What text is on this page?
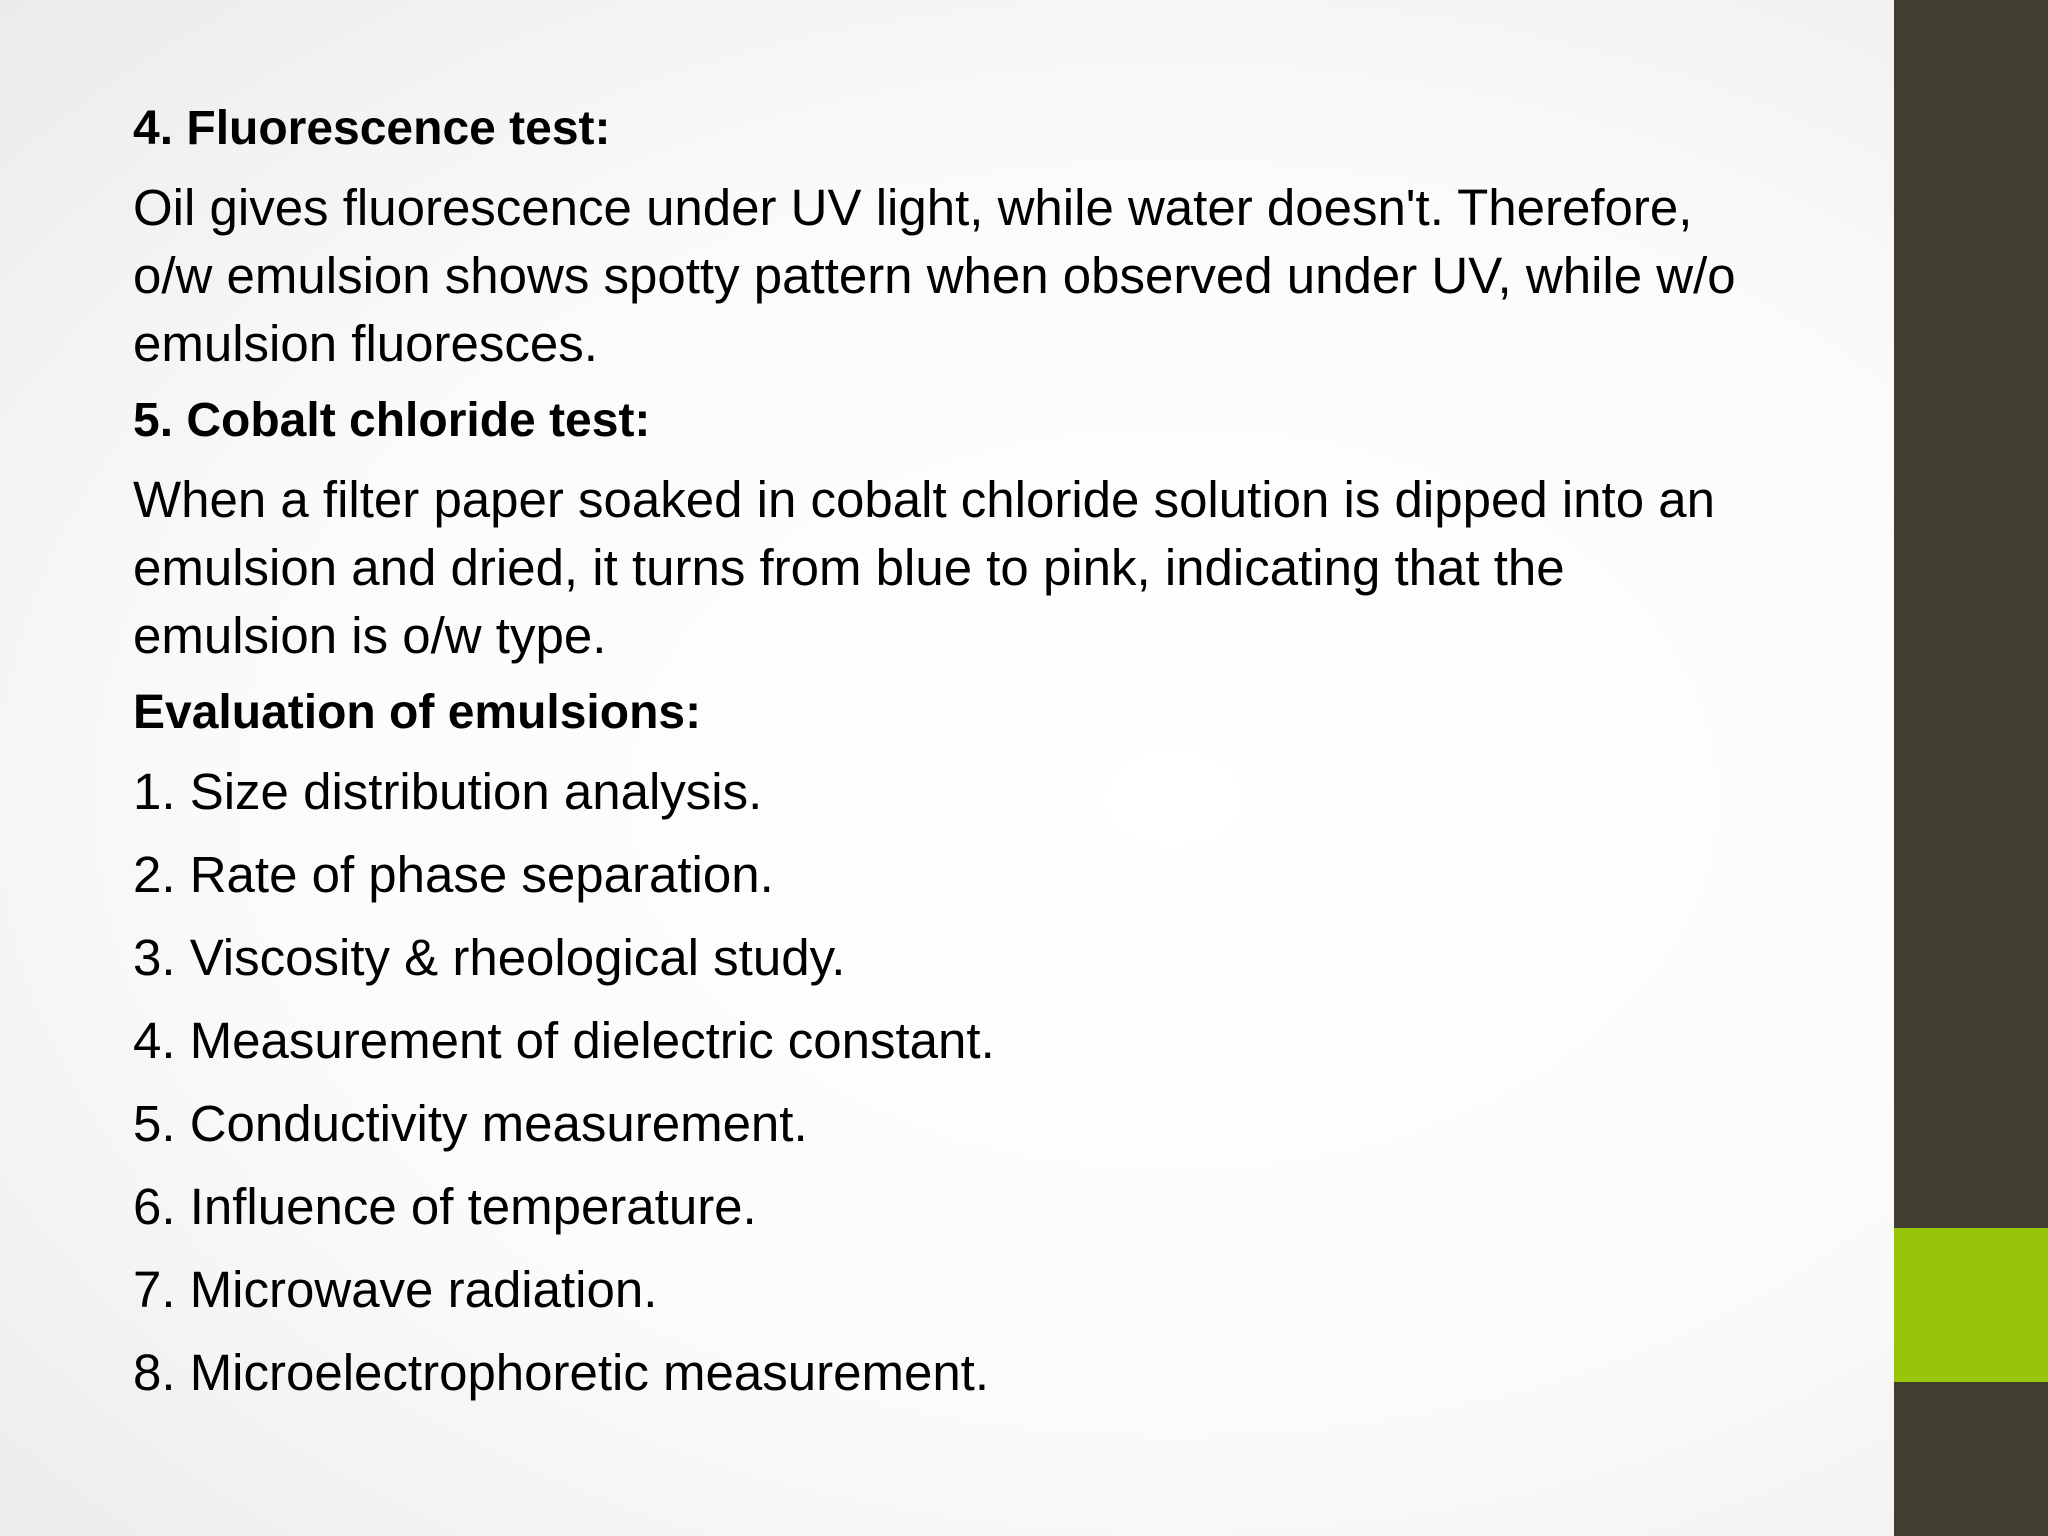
4. Fluorescence test:
Oil gives fluorescence under UV light, while water doesn't. Therefore, o/w emulsion shows spotty pattern when observed under UV, while w/o emulsion fluoresces.
5. Cobalt chloride test:
When a filter paper soaked in cobalt chloride solution is dipped into an emulsion and dried, it turns from blue to pink, indicating that the emulsion is o/w type.
Evaluation of emulsions:
1. Size distribution analysis.
2. Rate of phase separation.
3. Viscosity & rheological study.
4. Measurement of dielectric constant.
5. Conductivity measurement.
6. Influence of temperature.
7. Microwave radiation.
8. Microelectrophoretic measurement.
